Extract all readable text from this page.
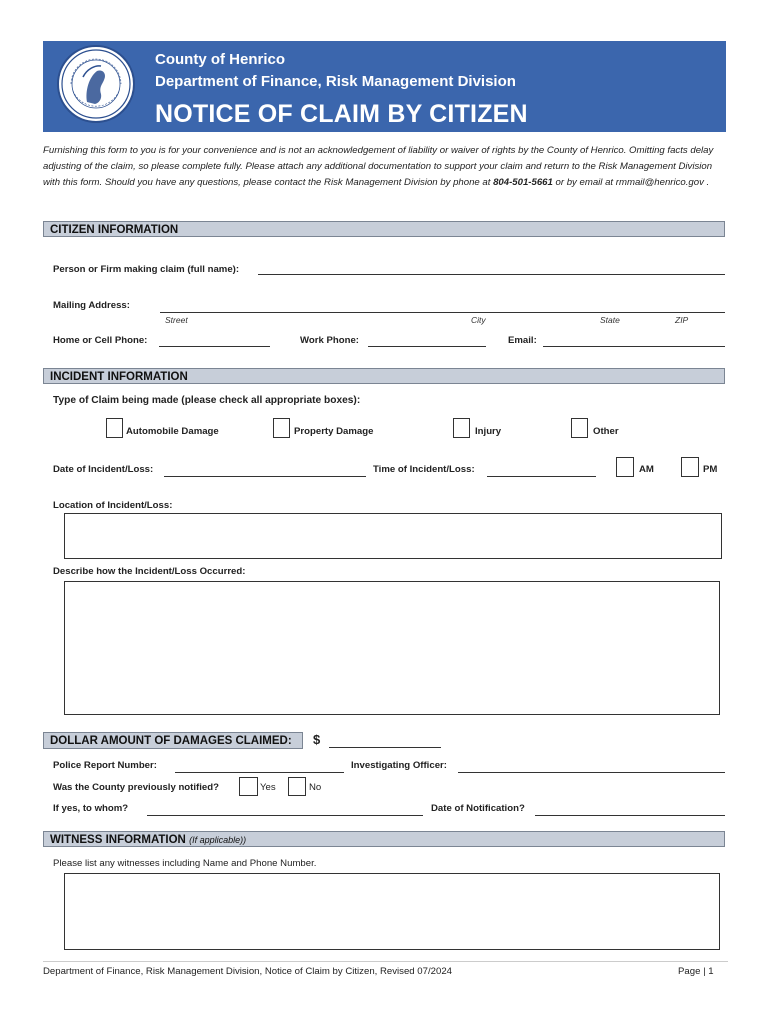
County of Henrico
Department of Finance, Risk Management Division
NOTICE OF CLAIM BY CITIZEN
Furnishing this form to you is for your convenience and is not an acknowledgement of liability or waiver of rights by the County of Henrico. Omitting facts delay adjusting of the claim, so please complete fully. Please attach any additional documentation to support your claim and return to the Risk Management Division with this form. Should you have any questions, please contact the Risk Management Division by phone at 804-501-5661 or by email at rmmail@henrico.gov .
CITIZEN INFORMATION
Person or Firm making claim (full name):
Mailing Address:
Street	City	State	ZIP
Home or Cell Phone:	Work Phone:	Email:
INCIDENT INFORMATION
Type of Claim being made (please check all appropriate boxes):
Automobile Damage	Property Damage	Injury	Other
Date of Incident/Loss:	Time of Incident/Loss:	AM	PM
Location of Incident/Loss:
Describe how the Incident/Loss Occurred:
DOLLAR AMOUNT OF DAMAGES CLAIMED:	$
Police Report Number:	Investigating Officer:
Was the County previously notified?	Yes	No
If yes, to whom?	Date of Notification?
WITNESS INFORMATION (If applicable))
Please list any witnesses including Name and Phone Number.
Department of Finance, Risk Management Division, Notice of Claim by Citizen, Revised 07/2024	Page | 1
